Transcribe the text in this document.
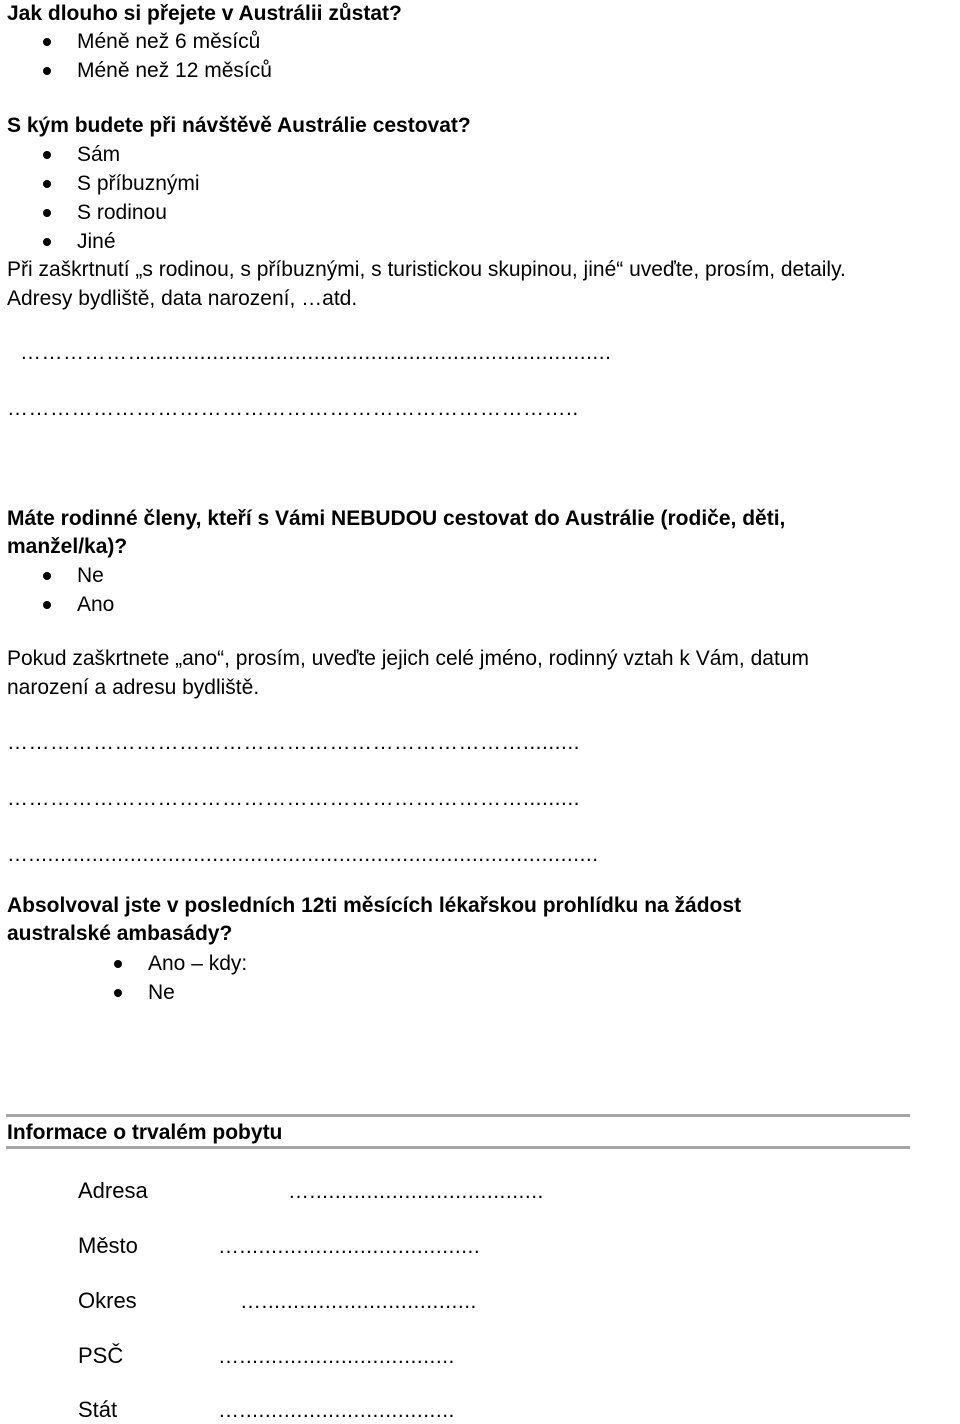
Jak dlouho si přejete v Austrálii zůstat?
Méně než 6 měsíců
Méně než 12 měsíců
S kým budete při návštěvě Austrálie cestovat?
Sám
S příbuznými
S rodinou
Jiné
Při zaškrtnutí „s rodinou, s příbuznými, s turistickou skupinou, jiné“ uveďte, prosím, detaily.
Adresy bydliště, data narození, …atd.
……………….........................................................................
……………………………………………………………………..
Máte rodinné členy, kteří s Vámi NEBUDOU cestovat do Austrálie (rodiče, děti,
manžel/ka)?
Ne
Ano
Pokud zaškrtnete „ano“, prosím, uveďte jejich celé jméno, rodinný vztah k Vám, datum
narození a adresu bydliště.
……………………………………………………………….........
……………………………………………………………….........
…..........................................................................................
Absolvoval jste v posledních 12ti měsících lékařskou prohlídku na žádost
australské ambasády?
Ano – kdy:
Ne
Informace o trvalém pobytu
Adresa	….....................................
Město	…......................................
Okres	…..................................
PSČ	…..................................
Stát	…..................................
